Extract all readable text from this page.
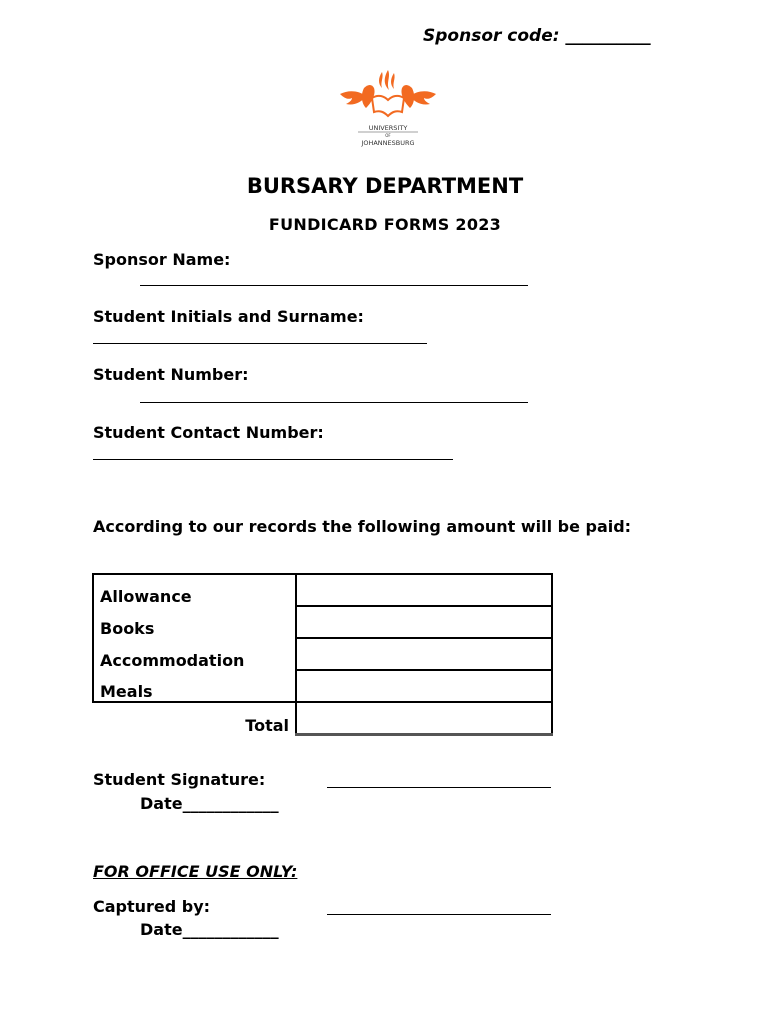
Sponsor code: __________
UNIVERSITY
OF
JOHANNESBURG
BURSARY DEPARTMENT
FUNDICARD FORMS 2023
Sponsor Name:
Student Initials and Surname:
Student Number:
Student Contact Number:
According to our records the following amount will be paid:
Allowance	
Books	
Accommodation	
Meals	
Total	
Student Signature:
Date____________
FOR OFFICE USE ONLY:
Captured by:
Date____________
